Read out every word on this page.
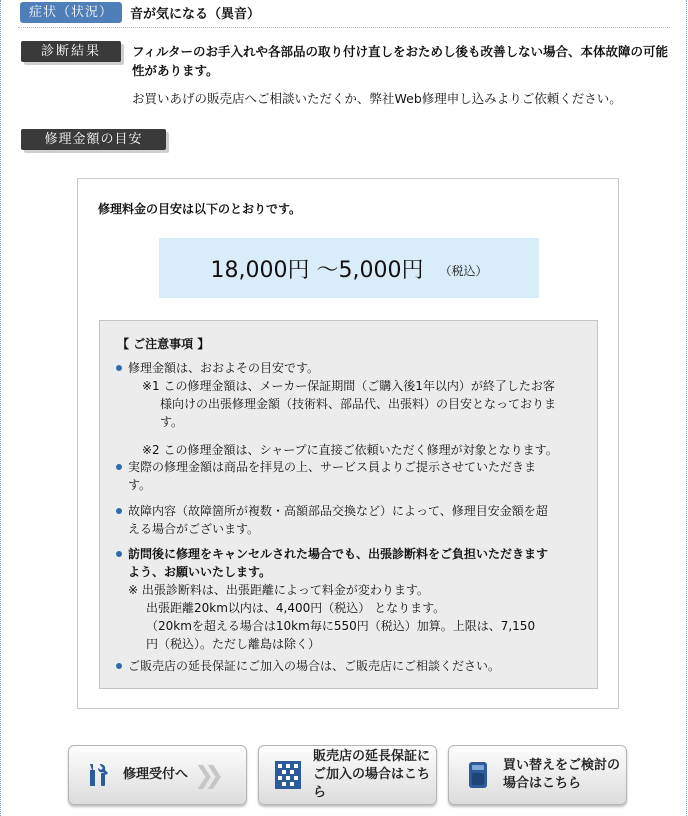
症状（状況）	音が気になる（異音）
診断結果	フィルターのお手入れや各部品の取り付け直しをおためし後も改善しない場合、本体故障の可能性があります。
お買いあげの販売店へご相談いただくか、弊社Web修理申し込みよりご依頼ください。
修理金額の目安
修理料金の目安は以下のとおりです。
18,000円 〜5,000円 （税込）
【 ご注意事項 】
修理金額は、おおよその目安です。
※1 この修理金額は、メーカー保証期間（ご購入後1年以内）が終了したお客
様向けの出張修理金額（技術料、部品代、出張料）の目安となっておりま
す。
※2 この修理金額は、シャープに直接ご依頼いただく修理が対象となります。
実際の修理金額は商品を拝見の上、サービス員よりご提示させていただきま
す。
故障内容（故障箇所が複数・高額部品交換など）によって、修理目安金額を超
える場合がございます。
訪問後に修理をキャンセルされた場合でも、出張診断料をご負担いただきます
よう、お願いいたします。
※ 出張診断料は、出張距離によって料金が変わります。
出張距離20km以内は、4,400円（税込） となります。
（20kmを超える場合は10km毎に550円（税込）加算。上限は、7,150
円（税込）。ただし離島は除く）
ご販売店の延長保証にご加入の場合は、ご販売店にご相談ください。
修理受付へ ❯❯
販売店の延長保証に
ご加入の場合はこちら
買い替えをご検討の
場合はこちら
